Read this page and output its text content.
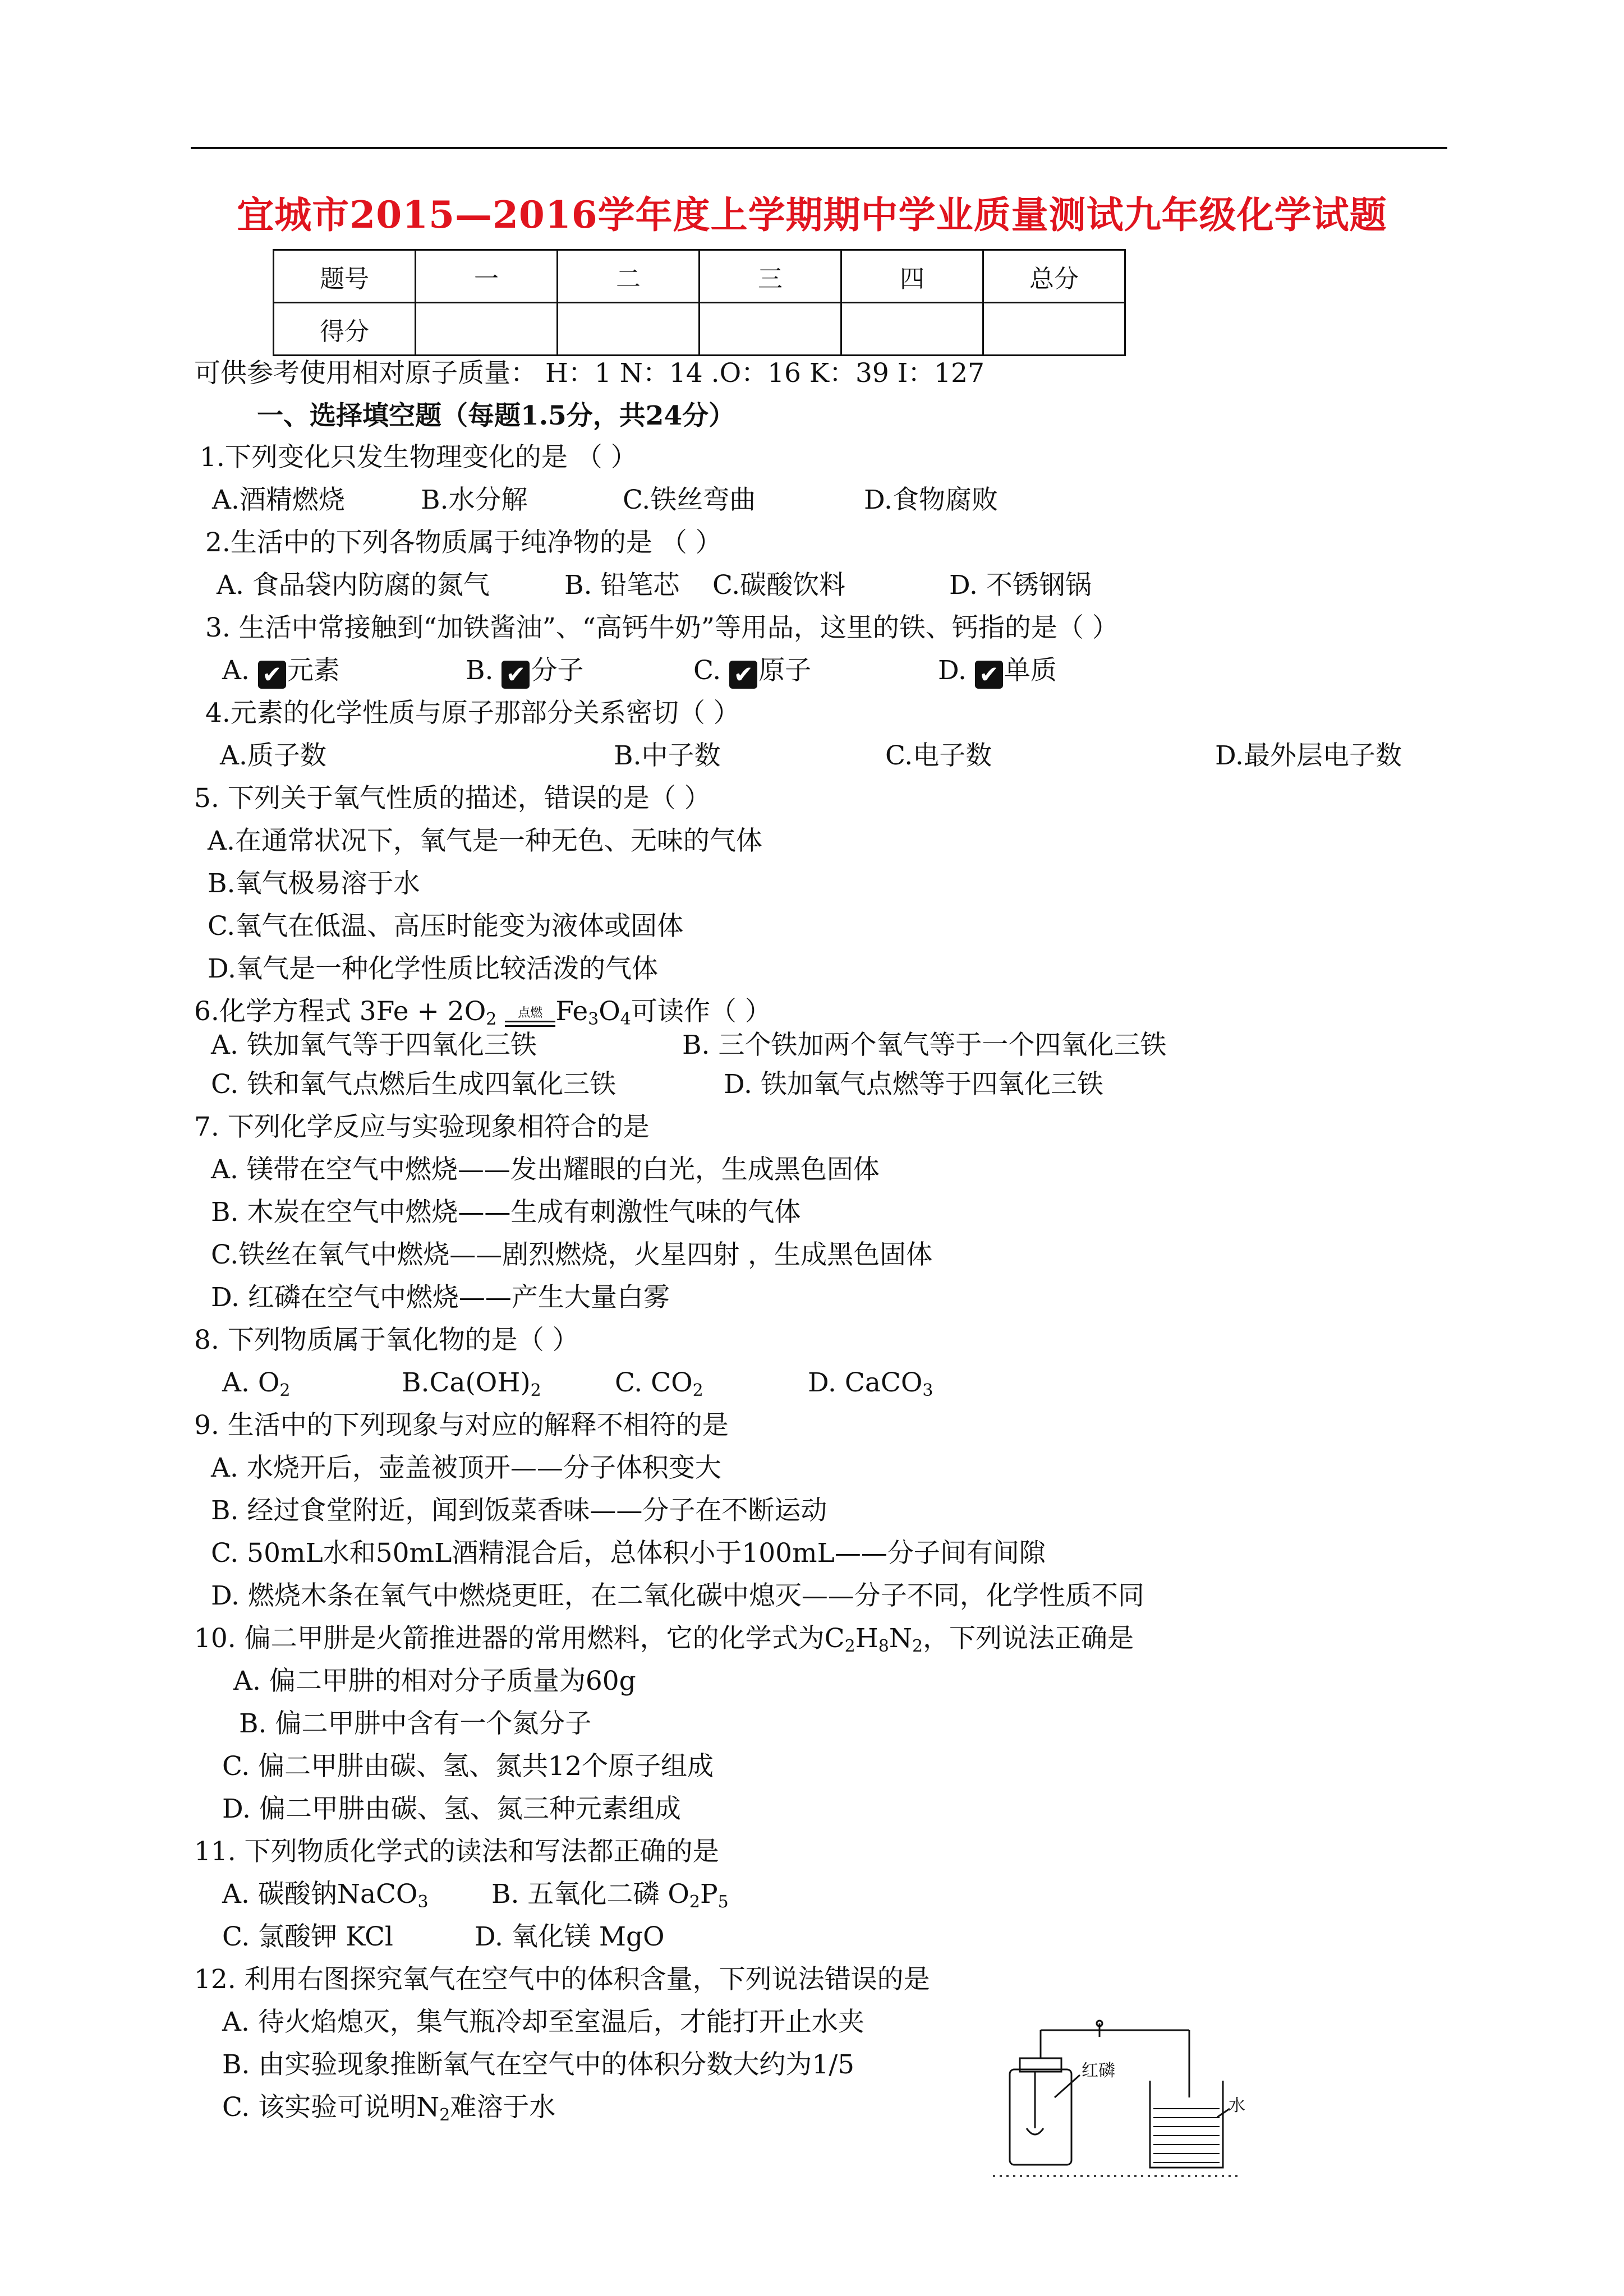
宜城市2015—2016学年度上学期期中学业质量测试九年级化学试题
题号	一	二	三	四	总分
得分					
可供参考使用相对原子质量： H：1 N：14 .O：16 K：39 I：127
一、选择填空题（每题1.5分，共24分）
1.下列变化只发生物理变化的是 （ ）
A.酒精燃烧	B.水分解	C.铁丝弯曲	D.食物腐败
2.生活中的下列各物质属于纯净物的是 （ ）
A. 食品袋内防腐的氮气	B. 铅笔芯 C.碳酸饮料	D. 不锈钢锅
3. 生活中常接触到“加铁酱油”、“高钙牛奶”等用品，这里的铁、钙指的是（ ）
A. ✔ 元素	B. ✔ 分子	C. ✔ 原子	D. ✔ 单质
4.元素的化学性质与原子那部分关系密切（ ）
A.质子数	B.中子数	C.电子数	D.最外层电子数
5. 下列关于氧气性质的描述，错误的是（ ）
A.在通常状况下，氧气是一种无色、无味的气体
B.氧气极易溶于水
C.氧气在低温、高压时能变为液体或固体
D.氧气是一种化学性质比较活泼的气体
6.化学方程式 $3Fe + 2O_2$	点燃 $Fe_3O_4$可读作（ ）
A. 铁加氧气等于四氧化三铁	B. 三个铁加两个氧气等于一个四氧化三铁
C. 铁和氧气点燃后生成四氧化三铁	D. 铁加氧气点燃等于四氧化三铁
7. 下列化学反应与实验现象相符合的是
A. 镁带在空气中燃烧——发出耀眼的白光，生成黑色固体
B. 木炭在空气中燃烧——生成有刺激性气味的气体
C.铁丝在氧气中燃烧——剧烈燃烧，火星四射 ，生成黑色固体
D. 红磷在空气中燃烧——产生大量白雾
8. 下列物质属于氧化物的是（ ）
A. $O_2$	$B.Ca(OH)_2$	C. $CO_2$	D. CaCO$_3$
9. 生活中的下列现象与对应的解释不相符的是
A. 水烧开后，壶盖被顶开——分子体积变大
B. 经过食堂附近，闻到饭菜香味——分子在不断运动
C. 50mL水和50mL酒精混合后，总体积小于100mL——分子间有间隙
D. 燃烧木条在氧气中燃烧更旺，在二氧化碳中熄灭——分子不同，化学性质不同
10. 偏二甲肼是火箭推进器的常用燃料，它的化学式为$C_2H_8N_2$，下列说法正确是
A. 偏二甲肼的相对分子质量为60g
B. 偏二甲肼中含有一个氮分子
C. 偏二甲肼由碳、氢、氮共12个原子组成
D. 偏二甲肼由碳、氢、氮三种元素组成
11. 下列物质化学式的读法和写法都正确的是
A. 碳酸钠NaCO$_3$ B. 五氧化二磷 $O_2P_5$
C. 氯酸钾 KCl	D. 氧化镁 MgO
12. 利用右图探究氧气在空气中的体积含量，下列说法错误的是
A. 待火焰熄灭，集气瓶冷却至室温后，才能打开止水夹
B. 由实验现象推断氧气在空气中的体积分数大约为1/5
C. 该实验可说明$N_2$难溶于水
红磷
水
